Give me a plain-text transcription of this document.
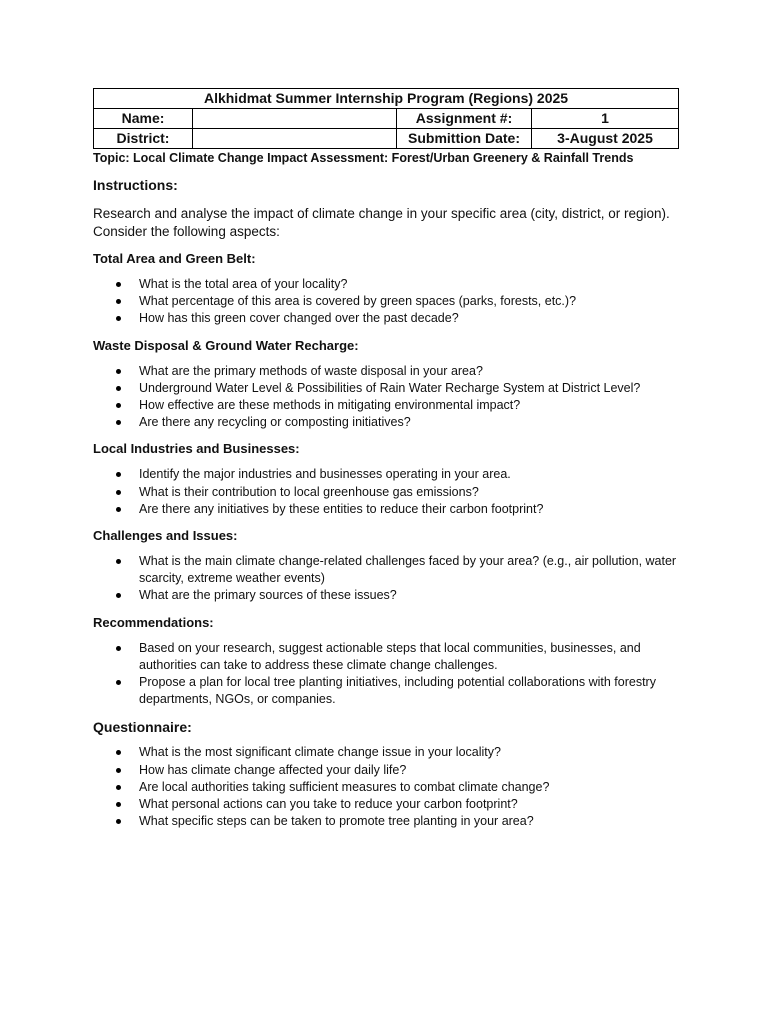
Alkhidmat Summer Internship Program (Regions) 2025			
Name:		Assignment #:	1
District:		Submittion Date:	3-August 2025
Topic: Local Climate Change Impact Assessment: Forest/Urban Greenery & Rainfall Trends
Instructions:
Research and analyse the impact of climate change in your specific area (city, district, or region). Consider the following aspects:
Total Area and Green Belt:
What is the total area of your locality?
What percentage of this area is covered by green spaces (parks, forests, etc.)?
How has this green cover changed over the past decade?
Waste Disposal & Ground Water Recharge:
What are the primary methods of waste disposal in your area?
Underground Water Level & Possibilities of Rain Water Recharge System at District Level?
How effective are these methods in mitigating environmental impact?
Are there any recycling or composting initiatives?
Local Industries and Businesses:
Identify the major industries and businesses operating in your area.
What is their contribution to local greenhouse gas emissions?
Are there any initiatives by these entities to reduce their carbon footprint?
Challenges and Issues:
What is the main climate change-related challenges faced by your area? (e.g., air pollution, water scarcity, extreme weather events)
What are the primary sources of these issues?
Recommendations:
Based on your research, suggest actionable steps that local communities, businesses, and authorities can take to address these climate change challenges.
Propose a plan for local tree planting initiatives, including potential collaborations with forestry departments, NGOs, or companies.
Questionnaire:
What is the most significant climate change issue in your locality?
How has climate change affected your daily life?
Are local authorities taking sufficient measures to combat climate change?
What personal actions can you take to reduce your carbon footprint?
What specific steps can be taken to promote tree planting in your area?
